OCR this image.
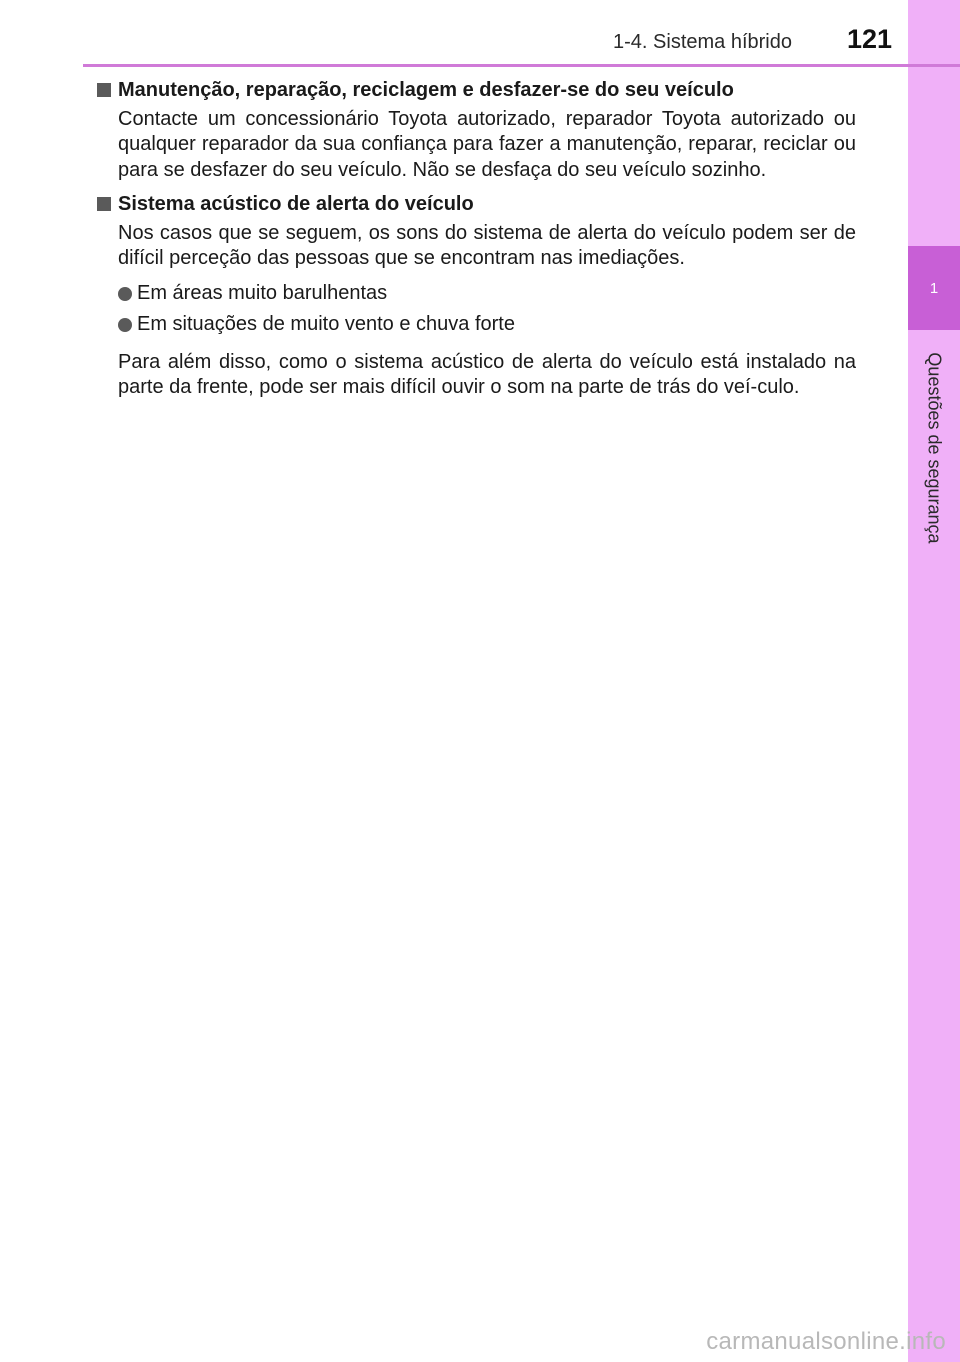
1
Questões de segurança
1-4. Sistema híbrido 121
Manutenção, reparação, reciclagem e desfazer-se do seu veículo

Contacte um concessionário Toyota autorizado, reparador Toyota autorizado ou qualquer reparador da sua confiança para fazer a manutenção, reparar, reciclar ou para se desfazer do seu veículo. Não se desfaça do seu veículo sozinho.

Sistema acústico de alerta do veículo

Nos casos que se seguem, os sons do sistema de alerta do veículo podem ser de difícil perceção das pessoas que se encontram nas imediações.

Em áreas muito barulhentas
Em situações de muito vento e chuva forte

Para além disso, como o sistema acústico de alerta do veículo está instalado na parte da frente, pode ser mais difícil ouvir o som na parte de trás do veí-culo.

carmanualsonline.info
